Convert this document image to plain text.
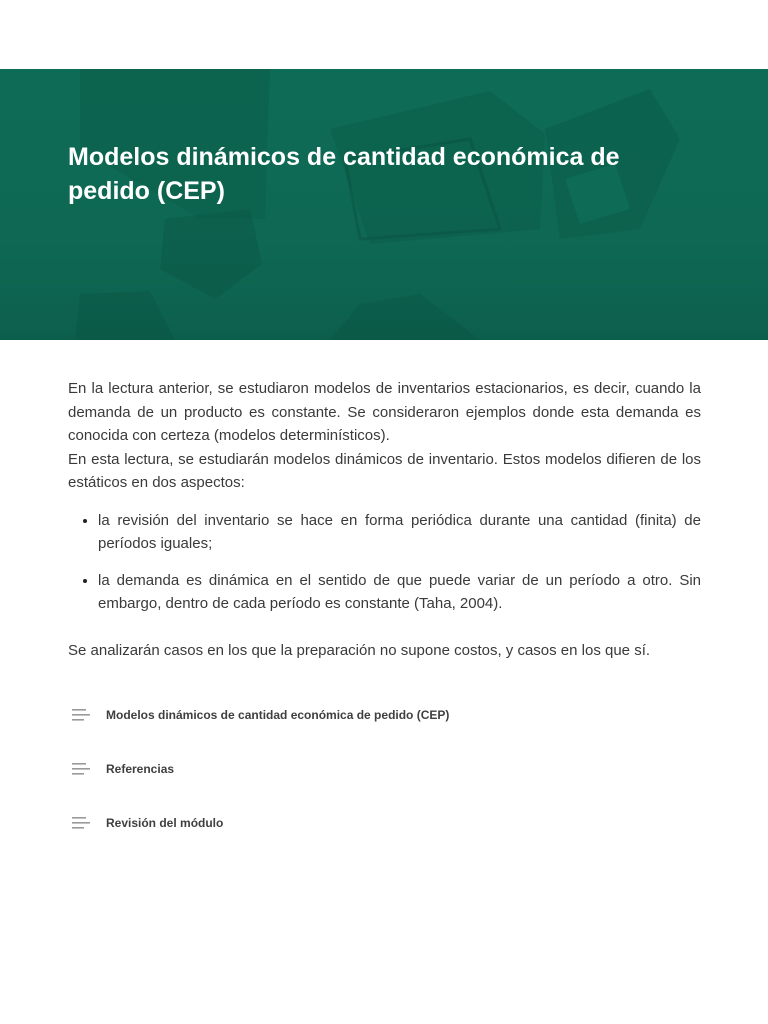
Modelos dinámicos de cantidad económica de pedido (CEP)

En la lectura anterior, se estudiaron modelos de inventarios estacionarios, es decir, cuando la demanda de un producto es constante. Se consideraron ejemplos donde esta demanda es conocida con certeza (modelos determinísticos).

En esta lectura, se estudiarán modelos dinámicos de inventario. Estos modelos difieren de los estáticos en dos aspectos:

• la revisión del inventario se hace en forma periódica durante una cantidad (finita) de períodos iguales;
• la demanda es dinámica en el sentido de que puede variar de un período a otro. Sin embargo, dentro de cada período es constante (Taha, 2004).

Se analizarán casos en los que la preparación no supone costos, y casos en los que sí.

Modelos dinámicos de cantidad económica de pedido (CEP)
Referencias
Revisión del módulo
